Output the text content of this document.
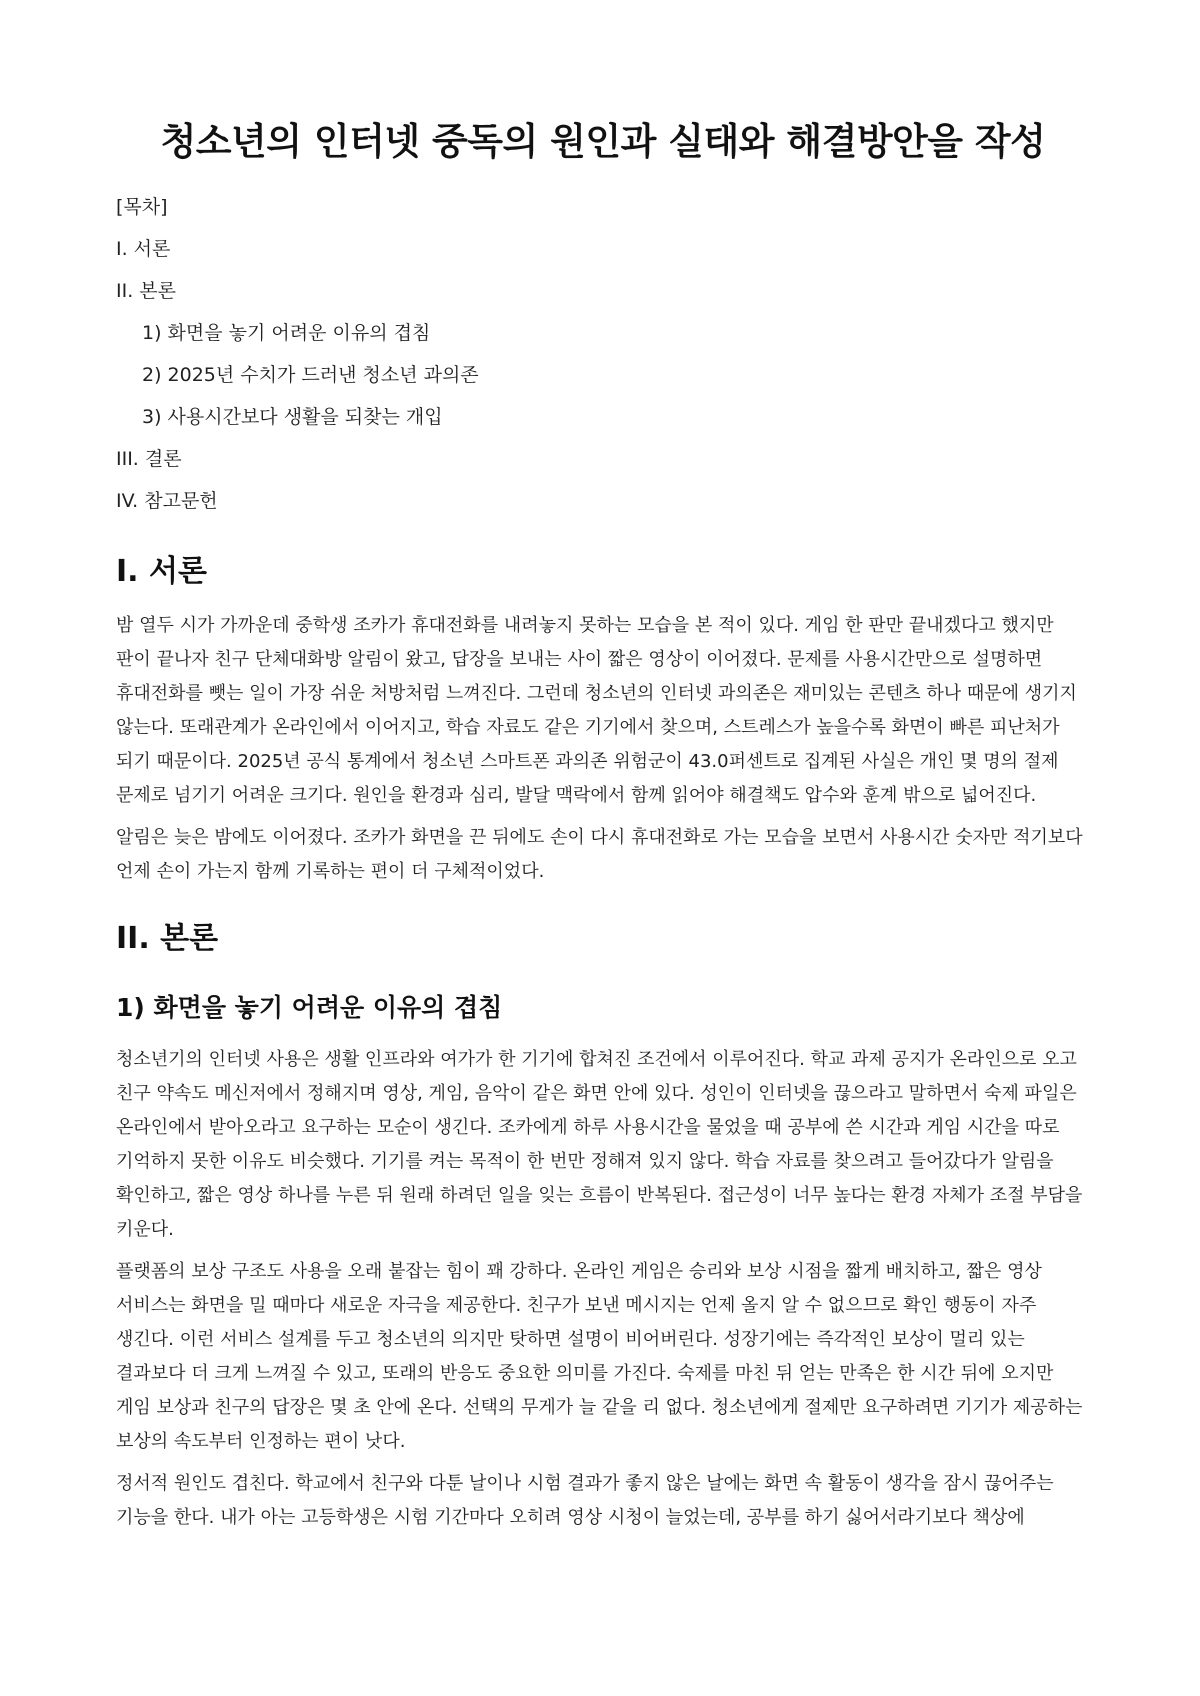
청소년의 인터넷 중독의 원인과 실태와 해결방안을 작성
[목차]
I. 서론
II. 본론
1) 화면을 놓기 어려운 이유의 겹침
2) 2025년 수치가 드러낸 청소년 과의존
3) 사용시간보다 생활을 되찾는 개입
III. 결론
IV. 참고문헌
I. 서론

밤 열두 시가 가까운데 중학생 조카가 휴대전화를 내려놓지 못하는 모습을 본 적이 있다. 게임 한 판만 끝내겠다고 했지만 판이 끝나자 친구 단체대화방 알림이 왔고, 답장을 보내는 사이 짧은 영상이 이어졌다. 문제를 사용시간만으로 설명하면 휴대전화를 뺏는 일이 가장 쉬운 처방처럼 느껴진다. 그런데 청소년의 인터넷 과의존은 재미있는 콘텐츠 하나 때문에 생기지 않는다. 또래관계가 온라인에서 이어지고, 학습 자료도 같은 기기에서 찾으며, 스트레스가 높을수록 화면이 빠른 피난처가 되기 때문이다. 2025년 공식 통계에서 청소년 스마트폰 과의존 위험군이 43.0퍼센트로 집계된 사실은 개인 몇 명의 절제 문제로 넘기기 어려운 크기다. 원인을 환경과 심리, 발달 맥락에서 함께 읽어야 해결책도 압수와 훈계 밖으로 넓어진다.

알림은 늦은 밤에도 이어졌다. 조카가 화면을 끈 뒤에도 손이 다시 휴대전화로 가는 모습을 보면서 사용시간 숫자만 적기보다 언제 손이 가는지 함께 기록하는 편이 더 구체적이었다.

II. 본론
1) 화면을 놓기 어려운 이유의 겹침

청소년기의 인터넷 사용은 생활 인프라와 여가가 한 기기에 합쳐진 조건에서 이루어진다. 학교 과제 공지가 온라인으로 오고 친구 약속도 메신저에서 정해지며 영상, 게임, 음악이 같은 화면 안에 있다. 성인이 인터넷을 끊으라고 말하면서 숙제 파일은 온라인에서 받아오라고 요구하는 모순이 생긴다. 조카에게 하루 사용시간을 물었을 때 공부에 쓴 시간과 게임 시간을 따로 기억하지 못한 이유도 비슷했다. 기기를 켜는 목적이 한 번만 정해져 있지 않다. 학습 자료를 찾으려고 들어갔다가 알림을 확인하고, 짧은 영상 하나를 누른 뒤 원래 하려던 일을 잊는 흐름이 반복된다. 접근성이 너무 높다는 환경 자체가 조절 부담을 키운다.

플랫폼의 보상 구조도 사용을 오래 붙잡는 힘이 꽤 강하다. 온라인 게임은 승리와 보상 시점을 짧게 배치하고, 짧은 영상 서비스는 화면을 밀 때마다 새로운 자극을 제공한다. 친구가 보낸 메시지는 언제 올지 알 수 없으므로 확인 행동이 자주 생긴다. 이런 서비스 설계를 두고 청소년의 의지만 탓하면 설명이 비어버린다. 성장기에는 즉각적인 보상이 멀리 있는 결과보다 더 크게 느껴질 수 있고, 또래의 반응도 중요한 의미를 가진다. 숙제를 마친 뒤 얻는 만족은 한 시간 뒤에 오지만 게임 보상과 친구의 답장은 몇 초 안에 온다. 선택의 무게가 늘 같을 리 없다. 청소년에게 절제만 요구하려면 기기가 제공하는 보상의 속도부터 인정하는 편이 낫다.

정서적 원인도 겹친다. 학교에서 친구와 다툰 날이나 시험 결과가 좋지 않은 날에는 화면 속 활동이 생각을 잠시 끊어주는 기능을 한다. 내가 아는 고등학생은 시험 기간마다 오히려 영상 시청이 늘었는데, 공부를 하기 싫어서라기보다 책상에
